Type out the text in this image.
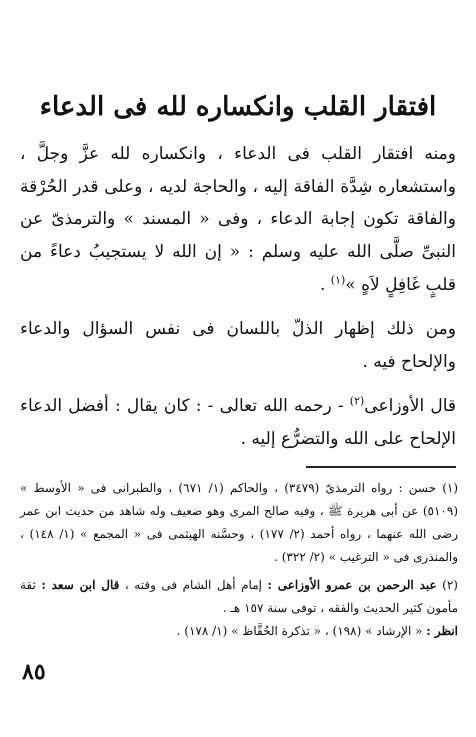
افتقار القلب وانكساره لله فى الدعاء

ومنه افتقار القلب فى الدعاء ، وانكساره لله عزَّ وجلَّ ، واستشعاره شِدَّة الفاقة إليه ، والحاجة لديه ، وعلى قدر الحُرْقة والفاقة تكون إجابة الدعاء ، وفى « المسند » والترمذىّ عن النبىِّ صلَّى الله عليه وسلم : « إن الله لا يستجيبُ دعاءً من قلبٍ غَافِلٍ لاَهٍ »$^{(١)}$ .

ومن ذلك إظهار الذلّ باللسان فى نفس السؤال والدعاء والإلحاح فيه .

قال الأوزاعى$^{(٢)}$ - رحمه الله تعالى - : كان يقال : أفضل الدعاء الإلحاح على الله والتضرُّع إليه .

(١) حسن : رواه الترمذىّ (٣٤٧٩) ، والحاكم (١/ ٦٧١) ، والطبرانى فى « الأوسط » (٥١٠٩) عن أبى هريرة ﷺ ، وفيه صالح المرى وهو ضعيف وله شاهد من حديث ابن عمر رضى الله عنهما ، رواه أحمد (٢/ ١٧٧) ، وحسَّنه الهيثمى فى « المجمع » (١/ ١٤٨) ، والمنذرى فى « الترغيب » (٢/ ٣٢٢) .

(٢) عبد الرحمن بن عمرو الأوزاعى : إمام أهل الشام فى وقته ، قال ابن سعد : ثقة مأمون كثير الحديث والفقه ، توفى سنة ١٥٧ هـ .
انظر : « الإرشاد » (١٩٨) ، « تذكرة الحُفَّاظ » (١/ ١٧٨) .

٨٥
